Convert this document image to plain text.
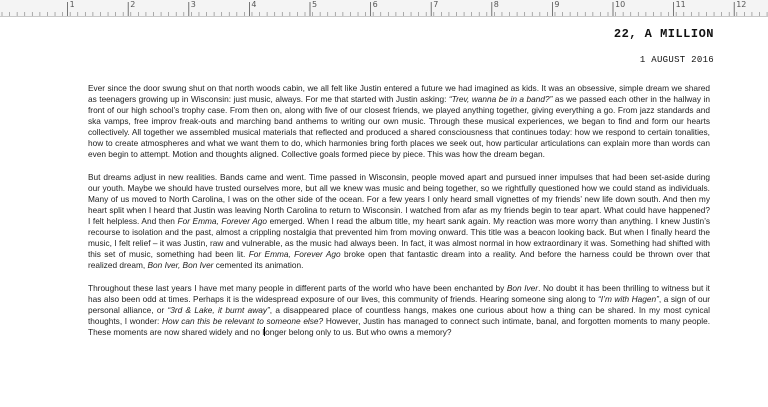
1	2	3	4	5	6	7	8	9	10	11	12
22, A MILLION
1 AUGUST 2016

Ever since the door swung shut on that north woods cabin, we all felt like Justin entered a future we had imagined as kids. It was an obsessive, simple dream we shared as teenagers growing up in Wisconsin: just music, always. For me that started with Justin asking: “Trev, wanna be in a band?” as we passed each other in the hallway in front of our high school’s trophy case. From then on, along with five of our closest friends, we played anything together, giving everything a go. From jazz standards and ska vamps, free improv freak-outs and marching band anthems to writing our own music. Through these musical experiences, we began to find and form our hearts collectively. All together we assembled musical materials that reflected and produced a shared consciousness that continues today: how we respond to certain tonalities, how to create atmospheres and what we want them to do, which harmonies bring forth places we seek out, how particular articulations can explain more than words can even begin to attempt. Motion and thoughts aligned. Collective goals formed piece by piece. This was how the dream began.

But dreams adjust in new realities. Bands came and went. Time passed in Wisconsin, people moved apart and pursued inner impulses that had been set-aside during our youth. Maybe we should have trusted ourselves more, but all we knew was music and being together, so we rightfully questioned how we could stand as individuals. Many of us moved to North Carolina, I was on the other side of the ocean. For a few years I only heard small vignettes of my friends’ new life down south. And then my heart split when I heard that Justin was leaving North Carolina to return to Wisconsin. I watched from afar as my friends begin to tear apart. What could have happened? I felt helpless. And then For Emma, Forever Ago emerged. When I read the album title, my heart sank again. My reaction was more worry than anything. I knew Justin’s recourse to isolation and the past, almost a crippling nostalgia that prevented him from moving onward. This title was a beacon looking back. But when I finally heard the music, I felt relief – it was Justin, raw and vulnerable, as the music had always been. In fact, it was almost normal in how extraordinary it was. Something had shifted with this set of music, something had been lit. For Emma, Forever Ago broke open that fantastic dream into a reality. And before the harness could be thrown over that realized dream, Bon Iver, Bon Iver cemented its animation.

Throughout these last years I have met many people in different parts of the world who have been enchanted by Bon Iver. No doubt it has been thrilling to witness but it has also been odd at times. Perhaps it is the widespread exposure of our lives, this community of friends. Hearing someone sing along to “I’m with Hagen”, a sign of our personal alliance, or “3rd & Lake, it burnt away”, a disappeared place of countless hangs, makes one curious about how a thing can be shared. In my most cynical thoughts, I wonder: How can this be relevant to someone else? However, Justin has managed to connect such intimate, banal, and forgotten moments to many people. These moments are now shared widely and no longer belong only to us. But who owns a memory?
